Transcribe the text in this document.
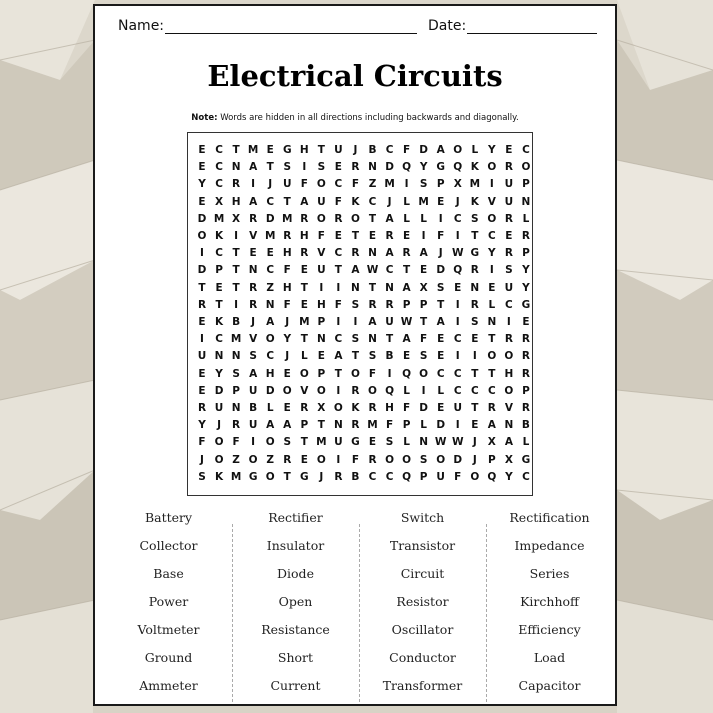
Name:	Date:
Electrical Circuits
Note: Words are hidden in all directions including backwards and diagonally.
E C T M E G H T U	J	B C F D A O L Y E C
E C N A T S	I	S E R N D Q Y G Q K O R O
Y C R	I	J	U F O C F Z M I	S P X M I	U P
E X H A C T A U F K C	J	L M E	J	K V U N
D M X R D M R O R O T A L L	I	C S O R L
O K	I	V M R H F E T E R E	I	F	I	T C E R
I	C T E E H R V C R N A R A	J W G Y R P
D P T N C F E U T A W C T E D Q R	I	S Y
T E T R Z H T	I	I	N T N A X S E N E U Y
R T	I	R N F E H F S R R P P T	I	R L C G
E K B	J	A	J M P	I	I	A U W T A	I	S N	I	E
I	C M V O Y T N C S N T A F E C E T R R
U N N S C	J	L E A T S B E S E	I	I	O O R
E Y S A H E O P T O F	I	Q O C C T T H R
E D P U D O V O	I	R O Q L	I	L C C C O P
R U N B L E R X O K R H F D E U T R V R
Y	J	R U A A P T N R M F P L D	I	E A N B
F O F	I	O S T M U G E S L N W W J	X A L
J	O Z O Z R E O	I	F R O O S O D	J	P X G
S K M G O T G	J	R B C C Q P U F O Q Y C
Battery
Collector
Base
Power
Voltmeter
Ground
Ammeter
Rectifier
Insulator
Diode
Open
Resistance
Short
Current
Switch
Transistor
Circuit
Resistor
Oscillator
Conductor
Transformer
Rectification
Impedance
Series
Kirchhoff
Efficiency
Load
Capacitor
